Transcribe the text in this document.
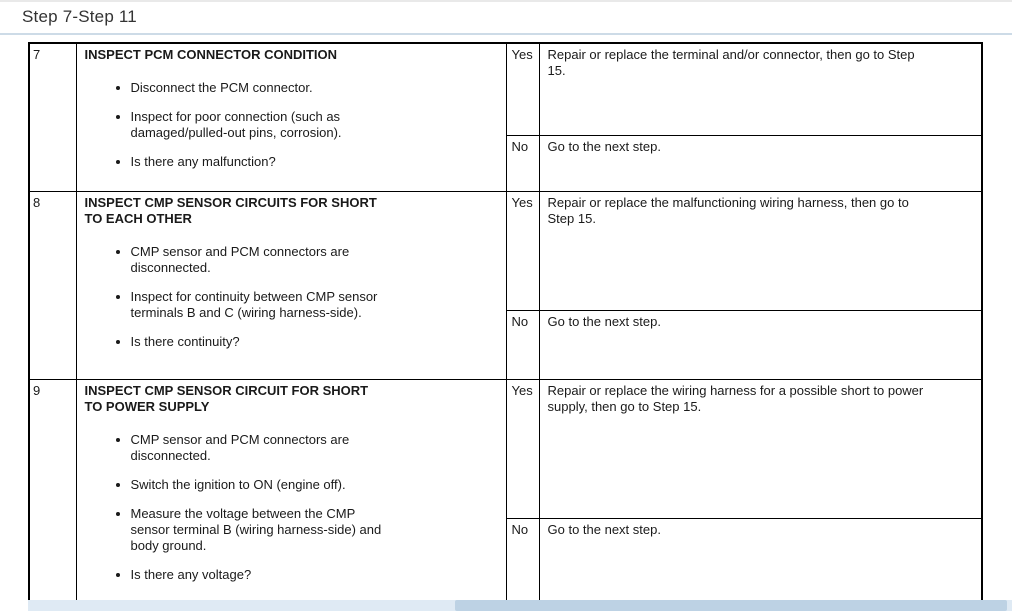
Step 7-Step 11
7	INSPECT PCM CONNECTOR CONDITION
• Disconnect the PCM connector.
• Inspect for poor connection (such as damaged/pulled-out pins, corrosion).
• Is there any malfunction?
	Yes	Repair or replace the terminal and/or connector, then go to Step 15.

		No	Go to the next step.

8	INSPECT CMP SENSOR CIRCUITS FOR SHORT TO EACH OTHER
• CMP sensor and PCM connectors are disconnected.
• Inspect for continuity between CMP sensor terminals B and C (wiring harness-side).
• Is there continuity?
	Yes	Repair or replace the malfunctioning wiring harness, then go to Step 15.

		No	Go to the next step.

9	INSPECT CMP SENSOR CIRCUIT FOR SHORT TO POWER SUPPLY
• CMP sensor and PCM connectors are disconnected.
• Switch the ignition to ON (engine off).
• Measure the voltage between the CMP sensor terminal B (wiring harness-side) and body ground.
• Is there any voltage?
	Yes	Repair or replace the wiring harness for a possible short to power supply, then go to Step 15.

		No	Go to the next step.
